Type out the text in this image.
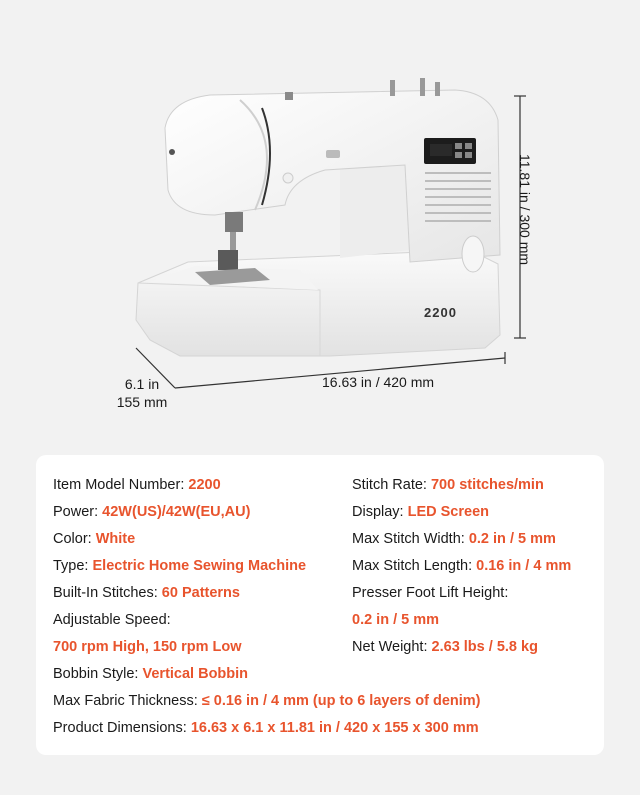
2200
6.1 in
155 mm
16.63 in / 420 mm
11.81 in / 300 mm
Item Model Number: 2200
Power: 42W(US)/42W(EU,AU)
Color: White
Type: Electric Home Sewing Machine
Built-In Stitches: 60 Patterns
Adjustable Speed:
700 rpm High, 150 rpm Low
Bobbin Style: Vertical Bobbin
Stitch Rate: 700 stitches/min
Display: LED Screen
Max Stitch Width: 0.2 in / 5 mm
Max Stitch Length: 0.16 in / 4 mm
Presser Foot Lift Height:
0.2 in / 5 mm
Net Weight: 2.63 lbs / 5.8 kg
Max Fabric Thickness: ≤ 0.16 in / 4 mm (up to 6 layers of denim)
Product Dimensions: 16.63 x 6.1 x 11.81 in / 420 x 155 x 300 mm
